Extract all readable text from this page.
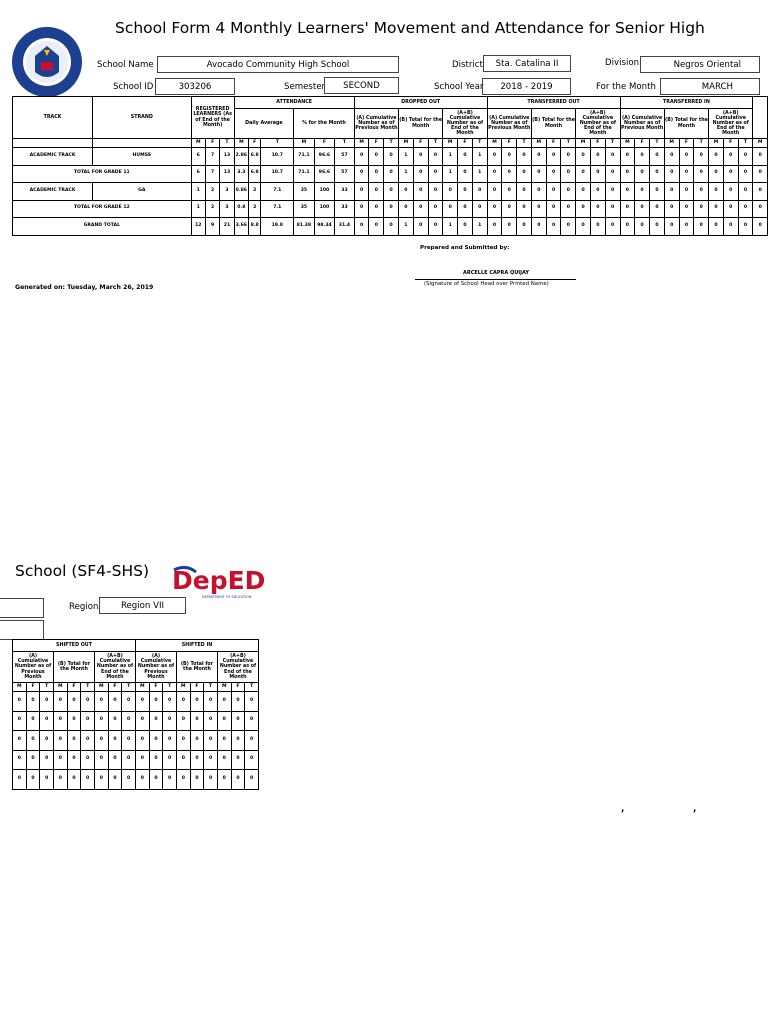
School Form 4 Monthly Learners' Movement and Attendance for Senior High
School Name	Avocado Community High School	District	Sta. Catalina II	Division	Negros Oriental
School ID	303206	Semester	SECOND	School Year	2018 - 2019	For the Month	MARCH
TRACK	STRAND	REGISTERED LEARNERS (As of End of the Month)			ATTENDANCE						DROPPED OUT									TRANSFERRED OUT									TRANSFERRED IN									
					Daily Average			% for the Month			(A) Cumulative Number as of Previous Month			(B) Total for the Month			(A+B) Cumulative Number as of End of the Month			(A) Cumulative Number as of Previous Month			(B) Total for the Month			(A+B) Cumulative Number as of End of the Month			(A) Cumulative Number as of Previous Month			(B) Total for the Month			(A+B) Cumulative Number as of End of the Month			
		M	F	T	M	F	T	M	F	T	M	F	T	M	F	T	M	F	T	M	F	T	M	F	T	M	F	T	M	F	T	M	F	T	M	F	T	M
ACADEMIC TRACK	HUMSS	6	7	13	2.86	6.8	10.7	71.1	96.6	57	0	0	0	1	0	0	1	0	1	0	0	0	0	0	0	0	0	0	0	0	0	0	0	0	0	0	0	0
TOTAL FOR GRADE 11		6	7	13	3.3	6.8	10.7	71.1	96.6	57	0	0	0	1	0	0	1	0	1	0	0	0	0	0	0	0	0	0	0	0	0	0	0	0	0	0	0	0
ACADEMIC TRACK	GA	1	2	3	0.86	2	7.1	35	100	33	0	0	0	0	0	0	0	0	0	0	0	0	0	0	0	0	0	0	0	0	0	0	0	0	0	0	0	0
TOTAL FOR GRADE 12		1	2	3	0.8	2	7.1	35	100	33	0	0	0	0	0	0	0	0	0	0	0	0	0	0	0	0	0	0	0	0	0	0	0	0	0	0	0	0
GRAND TOTAL		12	9	21	3.66	8.8	19.8	81.38	98.34	31.4	0	0	0	1	0	0	1	0	1	0	0	0	0	0	0	0	0	0	0	0	0	0	0	0	0	0	0	0
Prepared and Submitted by:
ARCELLE CAPRA QUIJAY
(Signature of School Head over Printed Name)
Generated on: Tuesday, March 26, 2019
School (SF4-SHS) DepED
DEPARTMENT OF EDUCATION
Region	Region VII
SHIFTED OUT									SHIFTED IN								
(A) Cumulative Number as of Previous Month			(B) Total for the Month			(A+B) Cumulative Number as of End of the Month			(A) Cumulative Number as of Previous Month			(B) Total for the Month			(A+B) Cumulative Number as of End of the Month		
M	F	T	M	F	T	M	F	T	M	F	T	M	F	T	M	F	T
0	0	0	0	0	0	0	0	0	0	0	0	0	0	0	0	0	0
0	0	0	0	0	0	0	0	0	0	0	0	0	0	0	0	0	0
0	0	0	0	0	0	0	0	0	0	0	0	0	0	0	0	0	0
0	0	0	0	0	0	0	0	0	0	0	0	0	0	0	0	0	0
0	0	0	0	0	0	0	0	0	0	0	0	0	0	0	0	0	0
,	,
